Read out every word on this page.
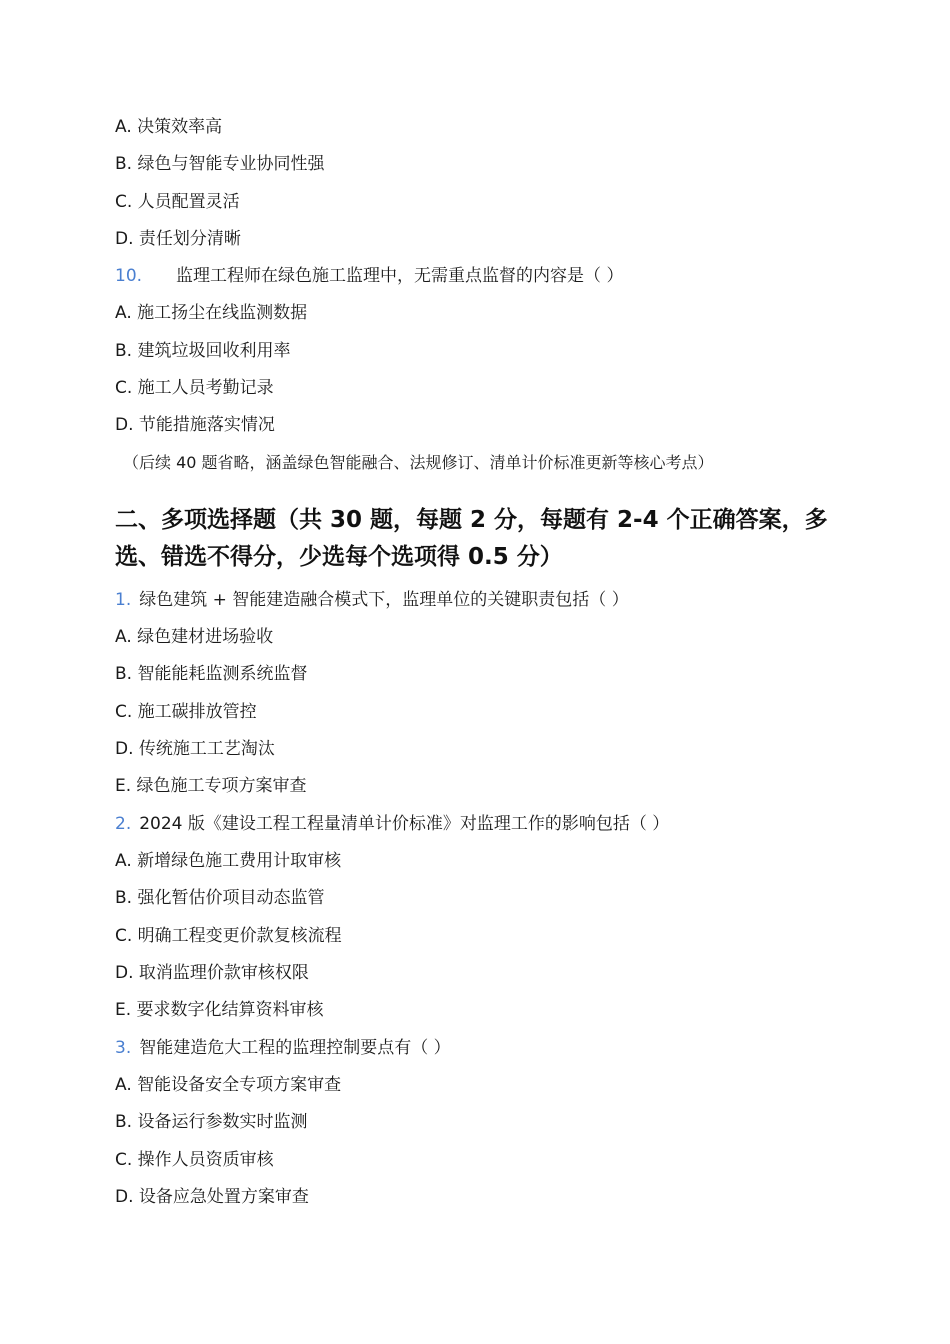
A. 决策效率高
B. 绿色与智能专业协同性强
C. 人员配置灵活
D. 责任划分清晰
10. 监理工程师在绿色施工监理中，无需重点监督的内容是（ ）
A. 施工扬尘在线监测数据
B. 建筑垃圾回收利用率
C. 施工人员考勤记录
D. 节能措施落实情况
（后续 40 题省略，涵盖绿色智能融合、法规修订、清单计价标准更新等核心考点）
二、多项选择题（共 30 题，每题 2 分，每题有 2-4 个正确答案，多选、错选不得分，少选每个选项得 0.5 分）
1. 绿色建筑 + 智能建造融合模式下，监理单位的关键职责包括（ ）
A. 绿色建材进场验收
B. 智能能耗监测系统监督
C. 施工碳排放管控
D. 传统施工工艺淘汰
E. 绿色施工专项方案审查
2. 2024 版《建设工程工程量清单计价标准》对监理工作的影响包括（ ）
A. 新增绿色施工费用计取审核
B. 强化暂估价项目动态监管
C. 明确工程变更价款复核流程
D. 取消监理价款审核权限
E. 要求数字化结算资料审核
3. 智能建造危大工程的监理控制要点有（ ）
A. 智能设备安全专项方案审查
B. 设备运行参数实时监测
C. 操作人员资质审核
D. 设备应急处置方案审查
